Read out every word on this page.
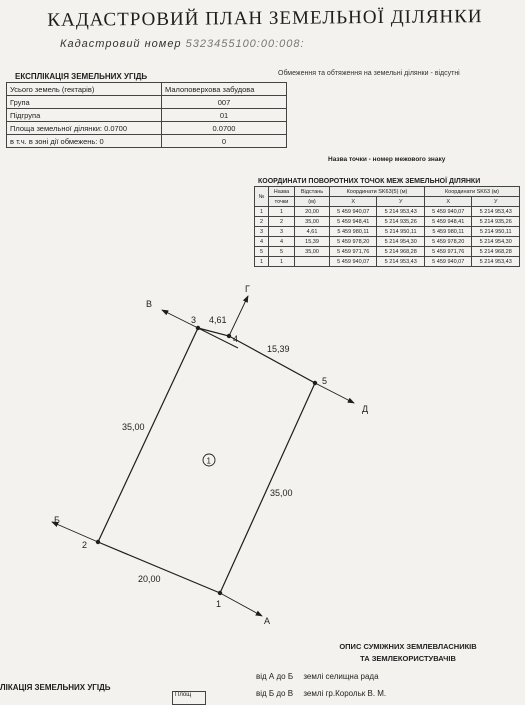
КАДАСТРОВИЙ ПЛАН ЗЕМЕЛЬНОЇ ДІЛЯНКИ
Кадастровий номер 5323455100:00:008:
Обмеження та обтяження на земельні ділянки - відсутні
ЕКСПЛІКАЦІЯ ЗЕМЕЛЬНИХ УГІДЬ
Усього земель (гектарів)	Малоповерхова забудова
Група	007
Підгрупа	01
Площа земельної ділянки: 0.0700	0.0700
в т.ч. в зоні дії обмежень: 0	0
Назва точки - номер межового знаку
КООРДИНАТИ ПОВОРОТНИХ ТОЧОК МЕЖ ЗЕМЕЛЬНОЇ ДІЛЯНКИ
№	Назва	Відстань	Координати SK63(5) (м)		Координати SK63 (м)	
	точки	(м)	X	У	X	У
1	1	20,00	5 459 940,07	5 214 953,43	5 459 940,07	5 214 953,43
2	2	35,00	5 459 948,41	5 214 935,26	5 459 948,41	5 214 935,26
3	3	4,61	5 459 980,11	5 214 950,11	5 459 980,11	5 214 950,11
4	4	15,39	5 459 978,20	5 214 954,30	5 459 978,20	5 214 954,30
5	5	35,00	5 459 971,76	5 214 968,28	5 459 971,76	5 214 968,28
1	1		5 459 940,07	5 214 953,43	5 459 940,07	5 214 953,43
1
2
3
4
5
20,00
35,00
4,61
15,39
35,00
А
Б
В
Г
Д
1
ОПИС СУМІЖНИХ ЗЕМЛЕВЛАСНИКІВ
ТА ЗЕМЛЕКОРИСТУВАЧІВ
від А до Б землі селищна рада
від Б до В землі гр.Корольк В. М.
ЛІКАЦІЯ ЗЕМЕЛЬНИХ УГІДЬ
Площ
